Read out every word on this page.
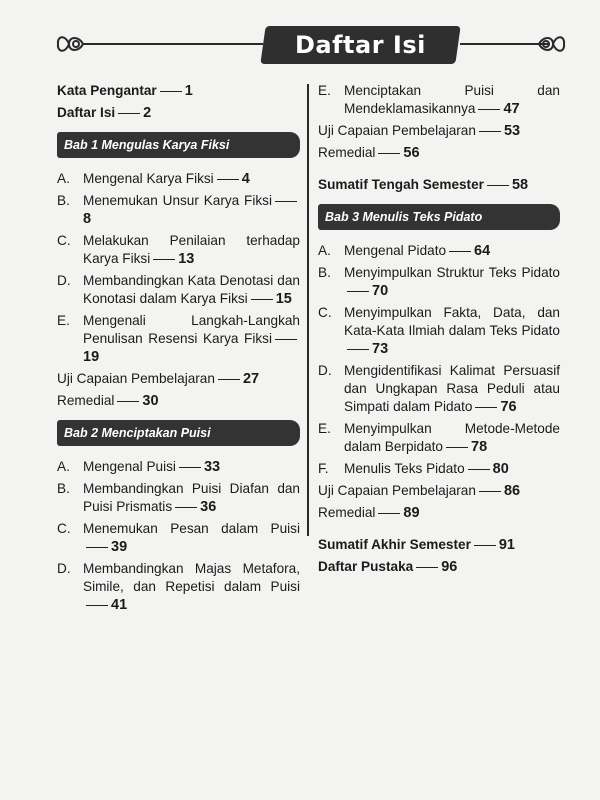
Daftar Isi
Kata Pengantar 1
Daftar Isi 2
Bab 1 Mengulas Karya Fiksi
A. Mengenal Karya Fiksi 4
B. Menemukan Unsur Karya Fiksi8
C. Melakukan Penilaian terhadap Karya Fiksi 13
D. Membandingkan Kata Denotasi dan Konotasi dalam Karya Fiksi 15
E. Mengenali Langkah-Langkah Penulisan Resensi Karya Fiksi19
Uji Capaian Pembelajaran 27
Remedial 30
Bab 2 Menciptakan Puisi
A. Mengenal Puisi 33
B. Membandingkan Puisi Diafan dan Puisi Prismatis 36
C. Menemukan Pesan dalam Puisi39
D. Membandingkan Majas Metafora, Simile, dan Repetisi dalam Puisi41
E. Menciptakan Puisi dan Mendeklamasikannya 47
Uji Capaian Pembelajaran 53
Remedial 56
Sumatif Tengah Semester 58
Bab 3 Menulis Teks Pidato
A. Mengenal Pidato 64
B. Menyimpulkan Struktur Teks Pidato70
C. Menyimpulkan Fakta, Data, dan Kata-Kata Ilmiah dalam Teks Pidato73
D. Mengidentifikasi Kalimat Persuasif dan Ungkapan Rasa Peduli atau Simpati dalam Pidato 76
E. Menyimpulkan Metode-Metode dalam Berpidato 78
F.	Menulis Teks Pidato 80
Uji Capaian Pembelajaran 86
Remedial 89
Sumatif Akhir Semester 91
Daftar Pustaka 96
